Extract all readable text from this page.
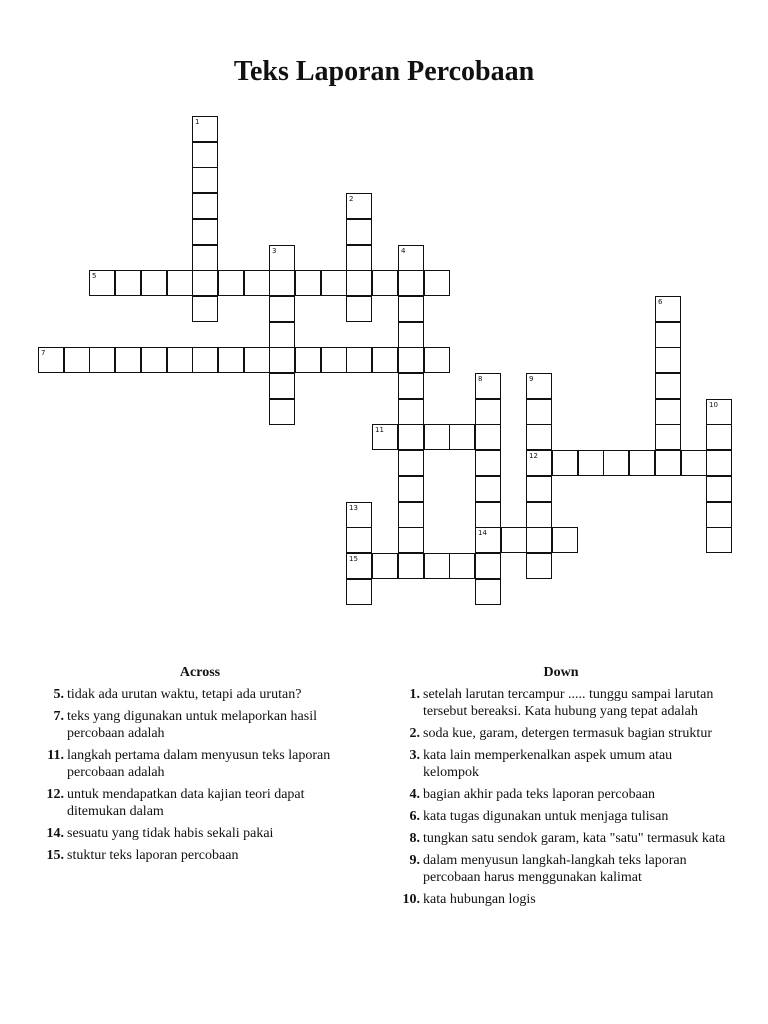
Teks Laporan Percobaan
1
2
3	4
5
6
7
8
14
9
12
10
11
13
15
Across
5. tidak ada urutan waktu, tetapi ada urutan?
7. teks yang digunakan untuk melaporkan hasil percobaan adalah
11. langkah pertama dalam menyusun teks laporan percobaan adalah
12. untuk mendapatkan data kajian teori dapat ditemukan dalam
14. sesuatu yang tidak habis sekali pakai
15. stuktur teks laporan percobaan
Down
1. setelah larutan tercampur ..... tunggu sampai larutan tersebut bereaksi. Kata hubung yang tepat adalah
2. soda kue, garam, detergen termasuk bagian struktur
3. kata lain memperkenalkan aspek umum atau kelompok
4. bagian akhir pada teks laporan percobaan
6. kata tugas digunakan untuk menjaga tulisan
8. tungkan satu sendok garam, kata "satu" termasuk kata
9. dalam menyusun langkah-langkah teks laporan percobaan harus menggunakan kalimat
10. kata hubungan logis
